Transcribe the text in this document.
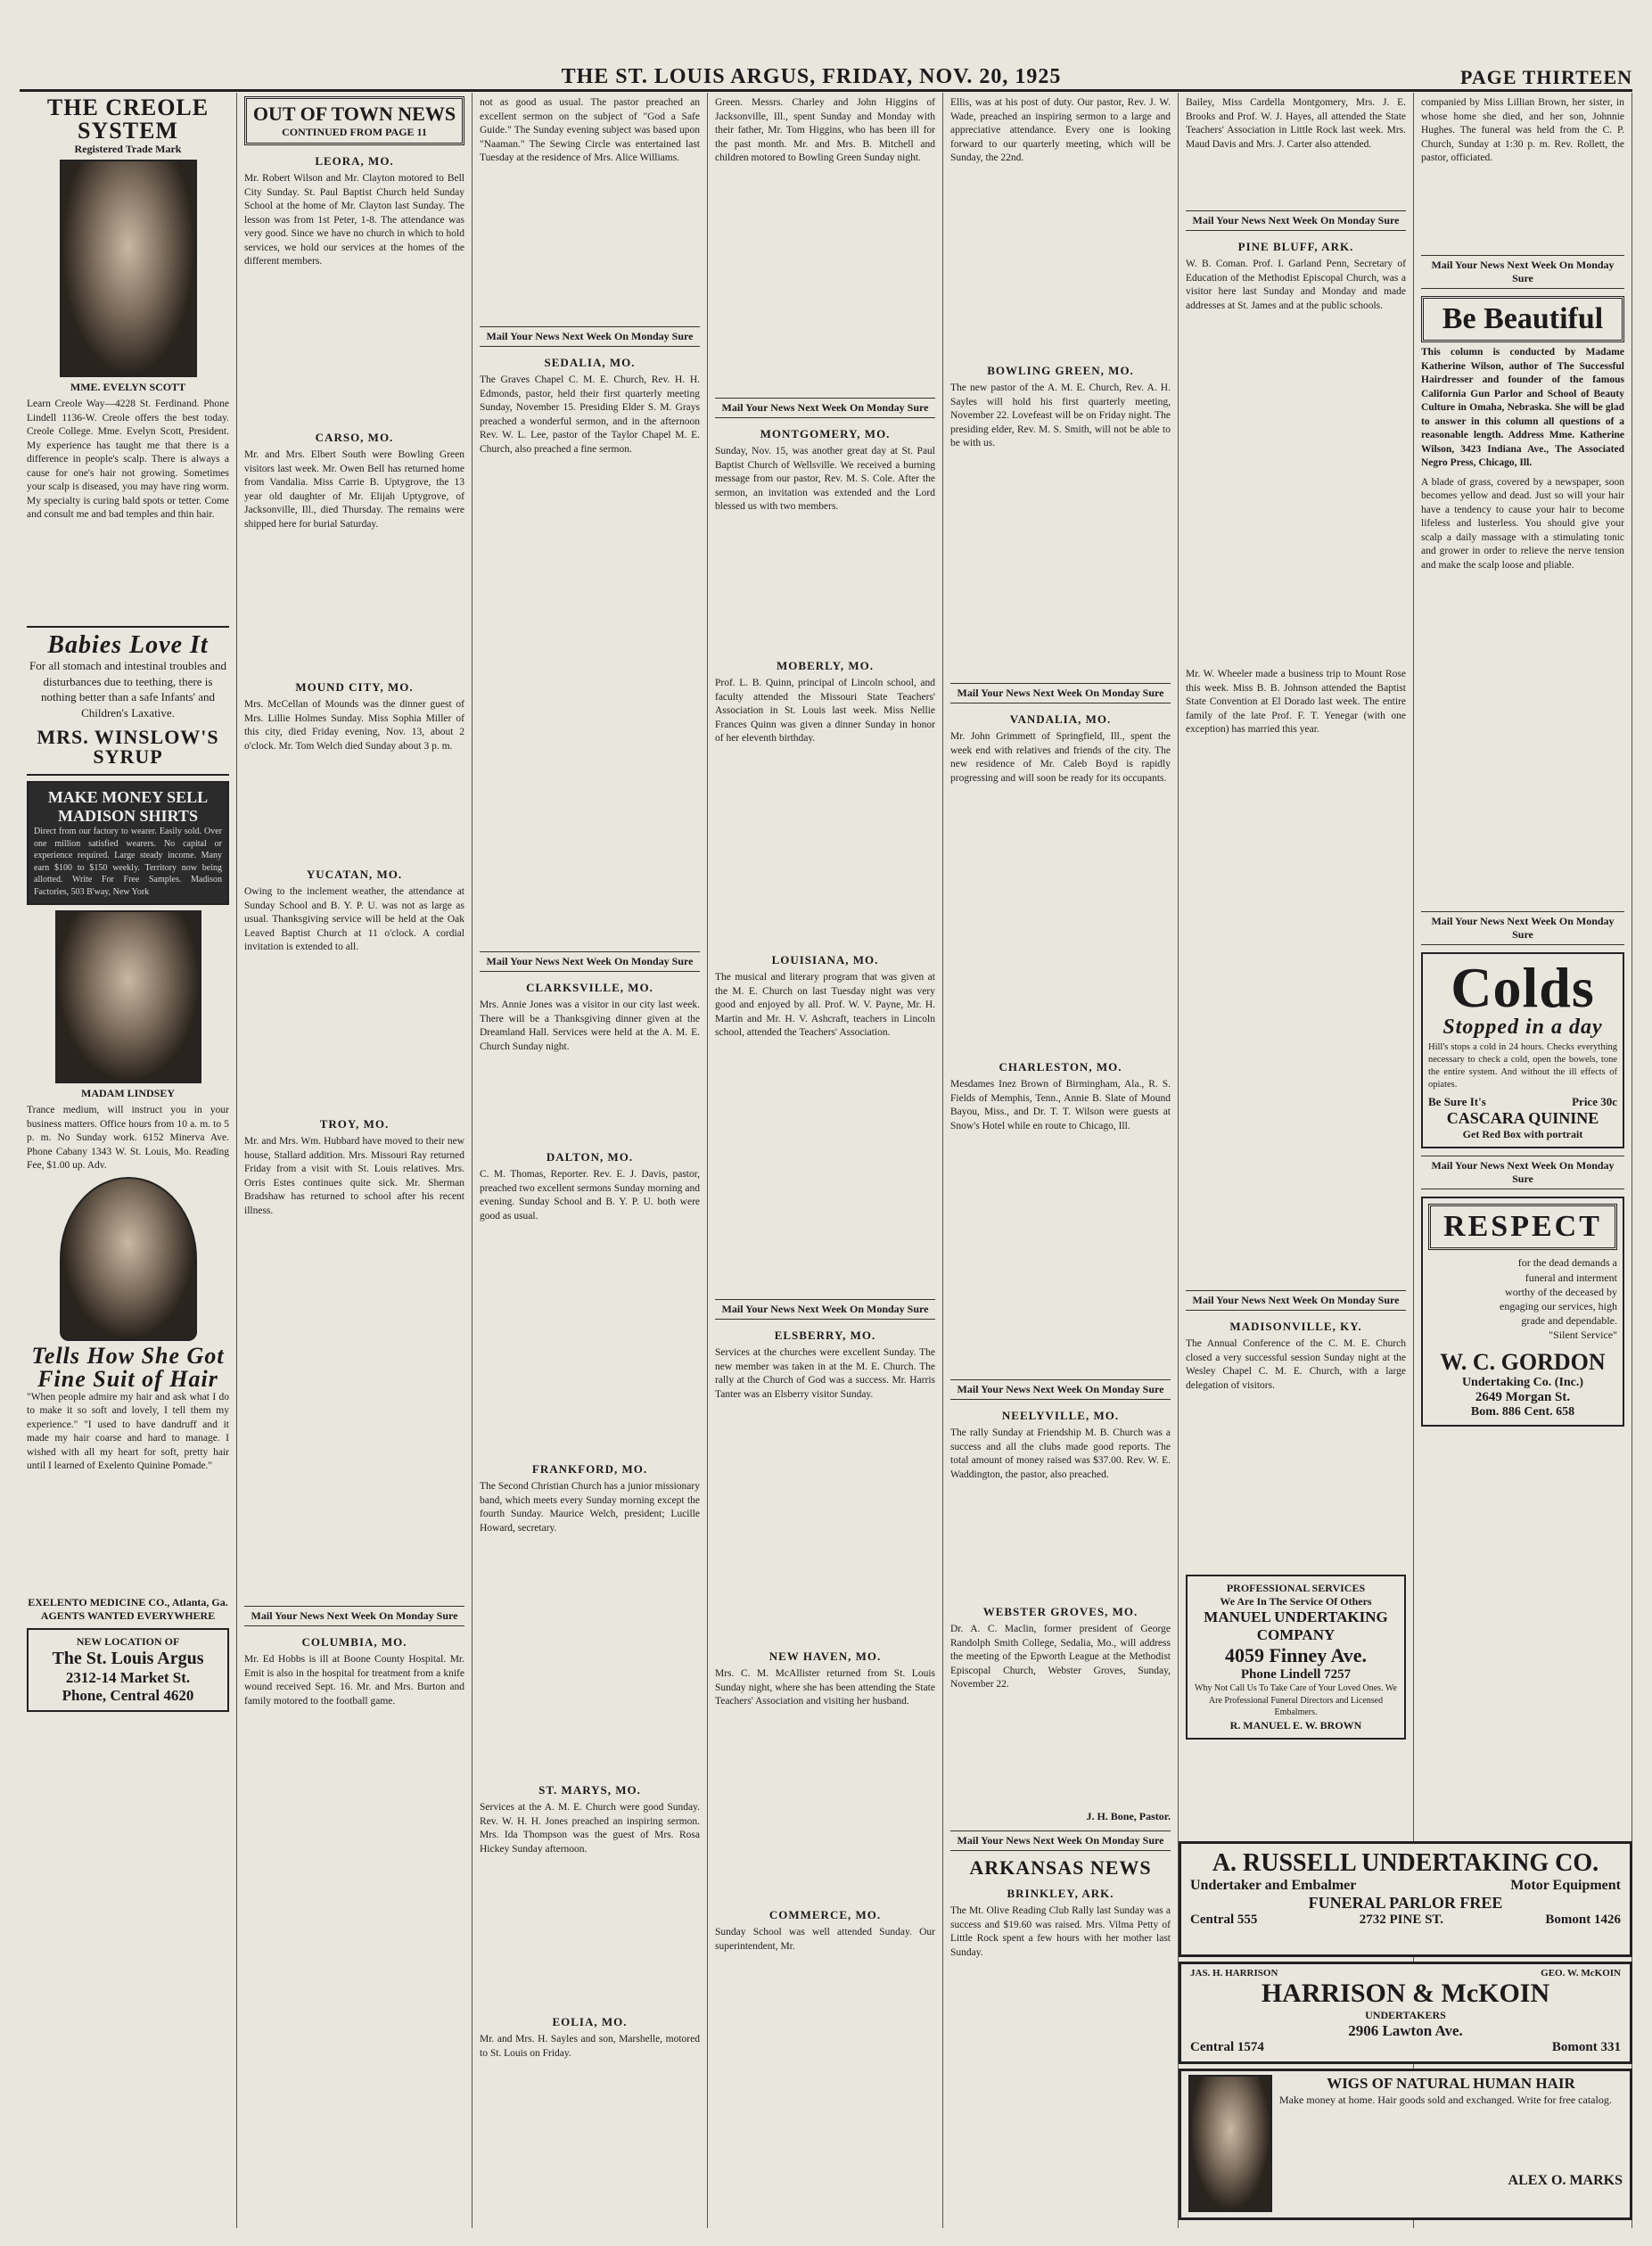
THE ST. LOUIS ARGUS, FRIDAY, NOV. 20, 1925	PAGE THIRTEEN
THE CREOLE SYSTEM
Registered Trade Mark
MME. EVELYN SCOTT
Learn Creole Way—4228 St. Ferdinand. Phone Lindell 1136-W. Creole offers the best today. Creole College. Mme. Evelyn Scott, President. My experience has taught me that there is a difference in people's scalp. There is always a cause for one's hair not growing. Sometimes your scalp is diseased, you may have ring worm. My specialty is curing bald spots or tetter. Come and consult me and bad temples and thin hair.
Babies Love It
For all stomach and intestinal troubles and disturbances due to teething, there is nothing better than a safe Infants' and Children's Laxative.
MRS. WINSLOW'S SYRUP
MAKE MONEY SELL MADISON SHIRTS
Direct from our factory to wearer. Easily sold. Over one million satisfied wearers. No capital or experience required. Large steady income. Many earn $100 to $150 weekly. Territory now being allotted. Write For Free Samples. Madison Factories, 503 B'way, New York
MADAM LINDSEY
Trance medium, will instruct you in your business matters. Office hours from 10 a. m. to 5 p. m. No Sunday work. 6152 Minerva Ave. Phone Cabany 1343 W. St. Louis, Mo. Reading Fee, $1.00 up. Adv.
Tells How She Got Fine Suit of Hair
"When people admire my hair and ask what I do to make it so soft and lovely, I tell them my experience." "I used to have dandruff and it made my hair coarse and hard to manage. I wished with all my heart for soft, pretty hair until I learned of Exelento Quinine Pomade."
EXELENTO MEDICINE CO., Atlanta, Ga. AGENTS WANTED EVERYWHERE
NEW LOCATION OF
The St. Louis Argus
2312-14 Market St.
Phone, Central 4620
OUT OF TOWN NEWS
CONTINUED FROM PAGE 11
LEORA, MO.
Mr. Robert Wilson and Mr. Clayton motored to Bell City Sunday. St. Paul Baptist Church held Sunday School at the home of Mr. Clayton last Sunday. The lesson was from 1st Peter, 1-8. The attendance was very good. Since we have no church in which to hold services, we hold our services at the homes of the different members.
CARSO, MO.
Mr. and Mrs. Elbert South were Bowling Green visitors last week. Mr. Owen Bell has returned home from Vandalia. Miss Carrie B. Uptygrove, the 13 year old daughter of Mr. Elijah Uptygrove, of Jacksonville, Ill., died Thursday. The remains were shipped here for burial Saturday.
MOUND CITY, MO.
Mrs. McCellan of Mounds was the dinner guest of Mrs. Lillie Holmes Sunday. Miss Sophia Miller of this city, died Friday evening, Nov. 13, about 2 o'clock. Mr. Tom Welch died Sunday about 3 p. m.
YUCATAN, MO.
Owing to the inclement weather, the attendance at Sunday School and B. Y. P. U. was not as large as usual. Thanksgiving service will be held at the Oak Leaved Baptist Church at 11 o'clock. A cordial invitation is extended to all.
TROY, MO.
Mr. and Mrs. Wm. Hubbard have moved to their new house, Stallard addition. Mrs. Missouri Ray returned Friday from a visit with St. Louis relatives. Mrs. Orris Estes continues quite sick. Mr. Sherman Bradshaw has returned to school after his recent illness.
Mail Your News Next Week On Monday Sure
COLUMBIA, MO.
Mr. Ed Hobbs is ill at Boone County Hospital. Mr. Emit is also in the hospital for treatment from a knife wound received Sept. 16. Mr. and Mrs. Burton and family motored to the football game.
not as good as usual. The pastor preached an excellent sermon on the subject of "God a Safe Guide." The Sunday evening subject was based upon "Naaman." The Sewing Circle was entertained last Tuesday at the residence of Mrs. Alice Williams.
Mail Your News Next Week On Monday Sure
SEDALIA, MO.
The Graves Chapel C. M. E. Church, Rev. H. H. Edmonds, pastor, held their first quarterly meeting Sunday, November 15. Presiding Elder S. M. Grays preached a wonderful sermon, and in the afternoon Rev. W. L. Lee, pastor of the Taylor Chapel M. E. Church, also preached a fine sermon.
Mail Your News Next Week On Monday Sure
CLARKSVILLE, MO.
Mrs. Annie Jones was a visitor in our city last week. There will be a Thanksgiving dinner given at the Dreamland Hall. Services were held at the A. M. E. Church Sunday night.
DALTON, MO.
C. M. Thomas, Reporter. Rev. E. J. Davis, pastor, preached two excellent sermons Sunday morning and evening. Sunday School and B. Y. P. U. both were good as usual.
FRANKFORD, MO.
The Second Christian Church has a junior missionary band, which meets every Sunday morning except the fourth Sunday. Maurice Welch, president; Lucille Howard, secretary.
ST. MARYS, MO.
Services at the A. M. E. Church were good Sunday. Rev. W. H. H. Jones preached an inspiring sermon. Mrs. Ida Thompson was the guest of Mrs. Rosa Hickey Sunday afternoon.
EOLIA, MO.
Mr. and Mrs. H. Sayles and son, Marshelle, motored to St. Louis on Friday.
Green. Messrs. Charley and John Higgins of Jacksonville, Ill., spent Sunday and Monday with their father, Mr. Tom Higgins, who has been ill for the past month. Mr. and Mrs. B. Mitchell and children motored to Bowling Green Sunday night.
Mail Your News Next Week On Monday Sure
MONTGOMERY, MO.
Sunday, Nov. 15, was another great day at St. Paul Baptist Church of Wellsville. We received a burning message from our pastor, Rev. M. S. Cole. After the sermon, an invitation was extended and the Lord blessed us with two members.
MOBERLY, MO.
Prof. L. B. Quinn, principal of Lincoln school, and faculty attended the Missouri State Teachers' Association in St. Louis last week. Miss Nellie Frances Quinn was given a dinner Sunday in honor of her eleventh birthday.
LOUISIANA, MO.
The musical and literary program that was given at the M. E. Church on last Tuesday night was very good and enjoyed by all. Prof. W. V. Payne, Mr. H. Martin and Mr. H. V. Ashcraft, teachers in Lincoln school, attended the Teachers' Association.
Mail Your News Next Week On Monday Sure
ELSBERRY, MO.
Services at the churches were excellent Sunday. The new member was taken in at the M. E. Church. The rally at the Church of God was a success. Mr. Harris Tanter was an Elsberry visitor Sunday.
NEW HAVEN, MO.
Mrs. C. M. McAllister returned from St. Louis Sunday night, where she has been attending the State Teachers' Association and visiting her husband.
COMMERCE, MO.
Sunday School was well attended Sunday. Our superintendent, Mr.
Ellis, was at his post of duty. Our pastor, Rev. J. W. Wade, preached an inspiring sermon to a large and appreciative attendance. Every one is looking forward to our quarterly meeting, which will be Sunday, the 22nd.
BOWLING GREEN, MO.
The new pastor of the A. M. E. Church, Rev. A. H. Sayles will hold his first quarterly meeting, November 22. Lovefeast will be on Friday night. The presiding elder, Rev. M. S. Smith, will not be able to be with us.
Mail Your News Next Week On Monday Sure
VANDALIA, MO.
Mr. John Grimmett of Springfield, Ill., spent the week end with relatives and friends of the city. The new residence of Mr. Caleb Boyd is rapidly progressing and will soon be ready for its occupants.
CHARLESTON, MO.
Mesdames Inez Brown of Birmingham, Ala., R. S. Fields of Memphis, Tenn., Annie B. Slate of Mound Bayou, Miss., and Dr. T. T. Wilson were guests at Snow's Hotel while en route to Chicago, Ill.
Mail Your News Next Week On Monday Sure
NEELYVILLE, MO.
The rally Sunday at Friendship M. B. Church was a success and all the clubs made good reports. The total amount of money raised was $37.00. Rev. W. E. Waddington, the pastor, also preached.
WEBSTER GROVES, MO.
Dr. A. C. Maclin, former president of George Randolph Smith College, Sedalia, Mo., will address the meeting of the Epworth League at the Methodist Episcopal Church, Webster Groves, Sunday, November 22.
J. H. Bone, Pastor.
Mail Your News Next Week On Monday Sure
ARKANSAS NEWS
BRINKLEY, ARK.
The Mt. Olive Reading Club Rally last Sunday was a success and $19.60 was raised. Mrs. Vilma Petty of Little Rock spent a few hours with her mother last Sunday.
Bailey, Miss Cardella Montgomery, Mrs. J. E. Brooks and Prof. W. J. Hayes, all attended the State Teachers' Association in Little Rock last week. Mrs. Maud Davis and Mrs. J. Carter also attended.
Mail Your News Next Week On Monday Sure
PINE BLUFF, ARK.
W. B. Coman. Prof. I. Garland Penn, Secretary of Education of the Methodist Episcopal Church, was a visitor here last Sunday and Monday and made addresses at St. James and at the public schools.
Mr. W. Wheeler made a business trip to Mount Rose this week. Miss B. B. Johnson attended the Baptist State Convention at El Dorado last week. The entire family of the late Prof. F. T. Yenegar (with one exception) has married this year.
Mail Your News Next Week On Monday Sure
MADISONVILLE, KY.
The Annual Conference of the C. M. E. Church closed a very successful session Sunday night at the Wesley Chapel C. M. E. Church, with a large delegation of visitors.
PROFESSIONAL SERVICES
We Are In The Service Of Others
MANUEL UNDERTAKING COMPANY
4059 Finney Ave.
Phone Lindell 7257
Why Not Call Us To Take Care of Your Loved Ones. We Are Professional Funeral Directors and Licensed Embalmers.
R. MANUEL E. W. BROWN
companied by Miss Lillian Brown, her sister, in whose home she died, and her son, Johnnie Hughes. The funeral was held from the C. P. Church, Sunday at 1:30 p. m. Rev. Rollett, the pastor, officiated.
Mail Your News Next Week On Monday Sure
Be Beautiful
This column is conducted by Madame Katherine Wilson, author of The Successful Hairdresser and founder of the famous California Gun Parlor and School of Beauty Culture in Omaha, Nebraska. She will be glad to answer in this column all questions of a reasonable length. Address Mme. Katherine Wilson, 3423 Indiana Ave., The Associated Negro Press, Chicago, Ill.
A blade of grass, covered by a newspaper, soon becomes yellow and dead. Just so will your hair have a tendency to cause your hair to become lifeless and lusterless. You should give your scalp a daily massage with a stimulating tonic and grower in order to relieve the nerve tension and make the scalp loose and pliable.
Mail Your News Next Week On Monday Sure
Colds
Stopped in a day
Hill's stops a cold in 24 hours. Checks everything necessary to check a cold, open the bowels, tone the entire system. And without the ill effects of opiates.
Be Sure It's	Price 30c
CASCARA QUININE
Get Red Box with portrait
Mail Your News Next Week On Monday Sure
RESPECT
for the dead demands a funeral and interment worthy of the deceased by engaging our services, high grade and dependable. "Silent Service"
W. C. GORDON
Undertaking Co. (Inc.)
2649 Morgan St.
Bom. 886 Cent. 658
A. RUSSELL UNDERTAKING CO.
Undertaker and Embalmer	Motor Equipment
FUNERAL PARLOR FREE
Central 555	2732 PINE ST.	Bomont 1426
JAS. H. HARRISON	GEO. W. McKOIN
HARRISON & McKOIN
UNDERTAKERS
2906 Lawton Ave.
Central 1574	Bomont 331
WIGS OF NATURAL HUMAN HAIR
Make money at home. Hair goods sold and exchanged. Write for free catalog.
ALEX O. MARKS
